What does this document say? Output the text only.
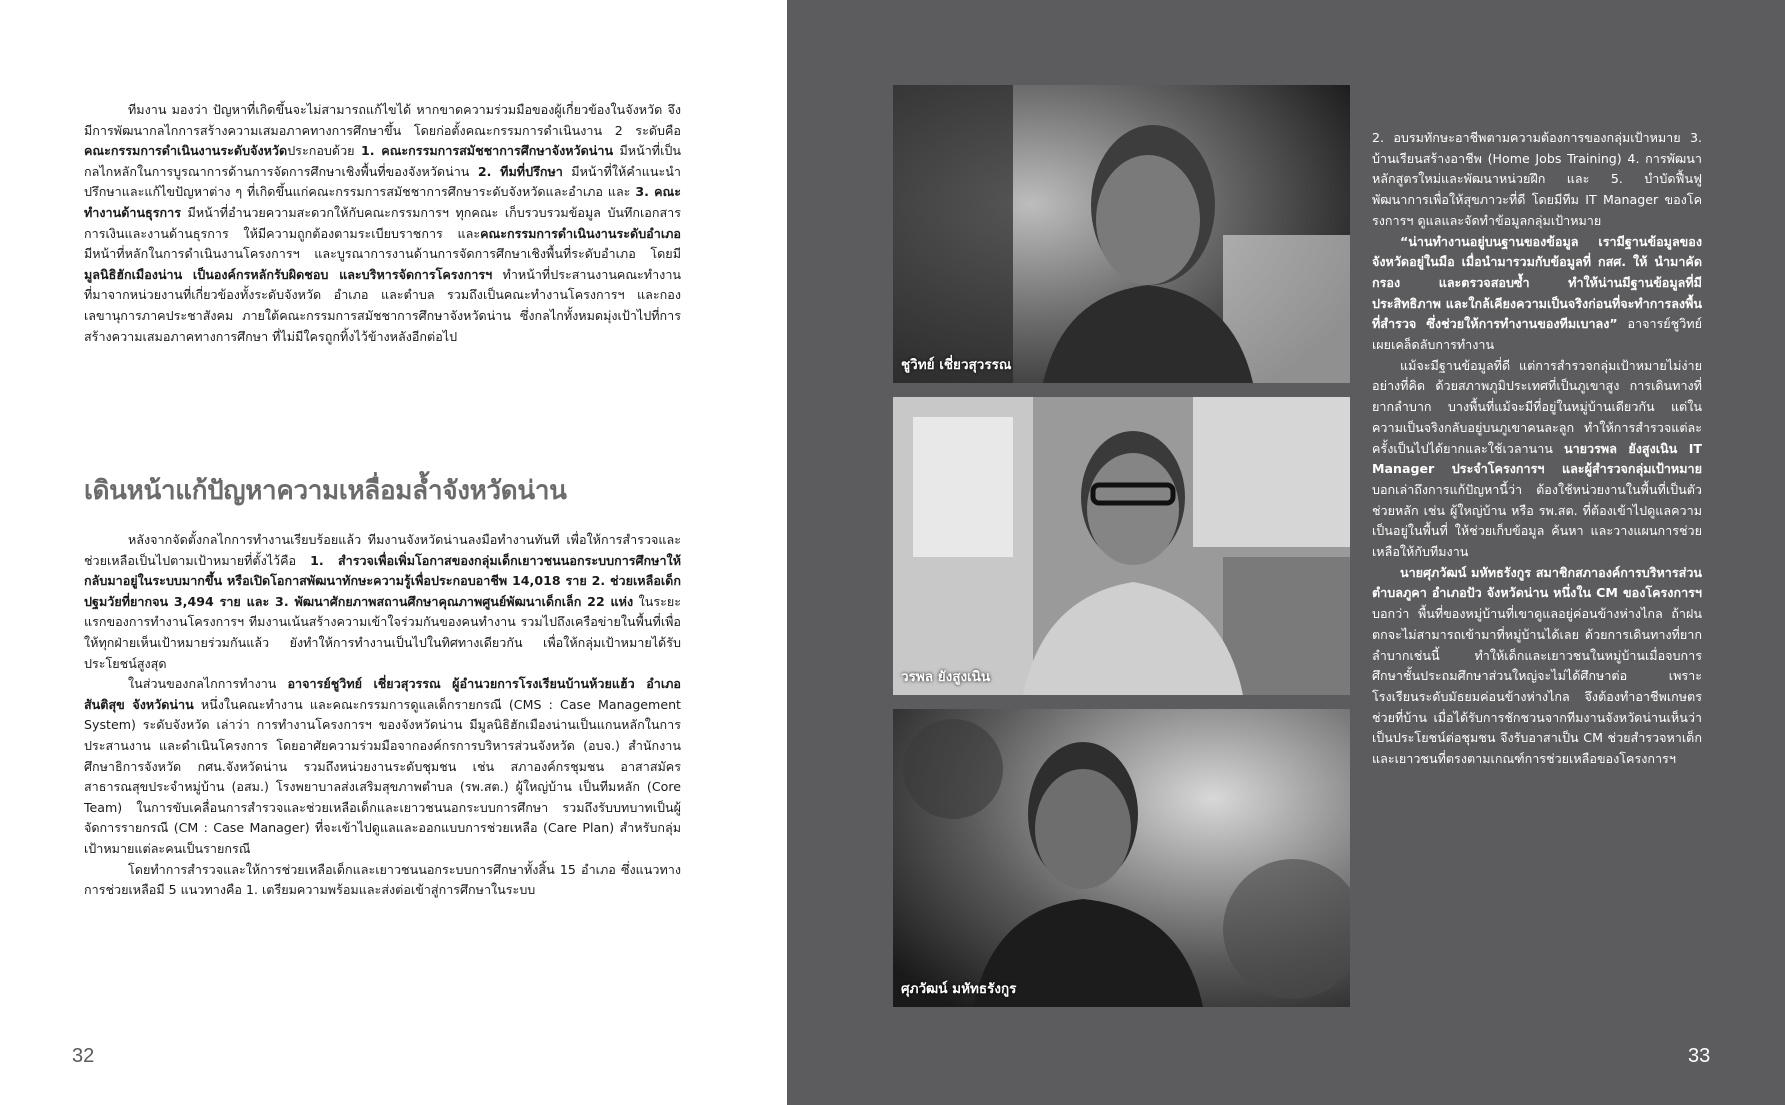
ทีมงาน มองว่า ปัญหาที่เกิดขึ้นจะไม่สามารถแก้ไขได้ หากขาดความร่วมมือของผู้เกี่ยวข้องในจังหวัด จึงมีการพัฒนากลไกการสร้างความเสมอภาคทางการศึกษาขึ้น โดยก่อตั้งคณะกรรมการดำเนินงาน 2 ระดับคือ คณะกรรมการดำเนินงานระดับจังหวัดประกอบด้วย 1. คณะกรรมการสมัชชาการศึกษาจังหวัดน่าน มีหน้าที่เป็นกลไกหลักในการบูรณาการด้านการจัดการศึกษาเชิงพื้นที่ของจังหวัดน่าน 2. ทีมที่ปรึกษา มีหน้าที่ให้คำแนะนำ ปรึกษาและแก้ไขปัญหาต่าง ๆ ที่เกิดขึ้นแก่คณะกรรมการสมัชชาการศึกษาระดับจังหวัดและอำเภอ และ 3. คณะทำงานด้านธุรการ มีหน้าที่อำนวยความสะดวกให้กับคณะกรรมการฯ ทุกคณะ เก็บรวบรวมข้อมูล บันทึกเอกสารการเงินและงานด้านธุรการ ให้มีความถูกต้องตามระเบียบราชการ และคณะกรรมการดำเนินงานระดับอำเภอ มีหน้าที่หลักในการดำเนินงานโครงการฯ และบูรณาการงานด้านการจัดการศึกษาเชิงพื้นที่ระดับอำเภอ โดยมี มูลนิธิฮักเมืองน่าน เป็นองค์กรหลักรับผิดชอบ และบริหารจัดการโครงการฯ ทำหน้าที่ประสานงานคณะทำงานที่มาจากหน่วยงานที่เกี่ยวข้องทั้งระดับจังหวัด อำเภอ และตำบล รวมถึงเป็นคณะทำงานโครงการฯ และกองเลขานุการภาคประชาสังคม ภายใต้คณะกรรมการสมัชชาการศึกษาจังหวัดน่าน ซึ่งกลไกทั้งหมดมุ่งเป้าไปที่การสร้างความเสมอภาคทางการศึกษา ที่ไม่มีใครถูกทิ้งไว้ข้างหลังอีกต่อไป

เดินหน้าแก้ปัญหาความเหลื่อมล้ำจังหวัดน่าน

หลังจากจัดตั้งกลไกการทำงานเรียบร้อยแล้ว ทีมงานจังหวัดน่านลงมือทำงานทันที เพื่อให้การสำรวจและช่วยเหลือเป็นไปตามเป้าหมายที่ตั้งไว้คือ 1. สำรวจเพื่อเพิ่มโอกาสของกลุ่มเด็กเยาวชนนอกระบบการศึกษาให้กลับมาอยู่ในระบบมากขึ้น หรือเปิดโอกาสพัฒนาทักษะความรู้เพื่อประกอบอาชีพ 14,018 ราย 2. ช่วยเหลือเด็กปฐมวัยที่ยากจน 3,494 ราย และ 3. พัฒนาศักยภาพสถานศึกษาคุณภาพศูนย์พัฒนาเด็กเล็ก 22 แห่ง ในระยะแรกของการทำงานโครงการฯ ทีมงานเน้นสร้างความเข้าใจร่วมกันของคนทำงาน รวมไปถึงเครือข่ายในพื้นที่เพื่อให้ทุกฝ่ายเห็นเป้าหมายร่วมกันแล้ว ยังทำให้การทำงานเป็นไปในทิศทางเดียวกัน เพื่อให้กลุ่มเป้าหมายได้รับประโยชน์สูงสุด

ในส่วนของกลไกการทำงาน อาจารย์ชูวิทย์ เชี่ยวสุวรรณ ผู้อำนวยการโรงเรียนบ้านห้วยแฮ้ว อำเภอสันติสุข จังหวัดน่าน หนึ่งในคณะทำงาน และคณะกรรมการดูแลเด็กรายกรณี (CMS : Case Management System) ระดับจังหวัด เล่าว่า การทำงานโครงการฯ ของจังหวัดน่าน มีมูลนิธิฮักเมืองน่านเป็นแกนหลักในการประสานงาน และดำเนินโครงการ โดยอาศัยความร่วมมือจากองค์กรการบริหารส่วนจังหวัด (อบจ.) สำนักงานศึกษาธิการจังหวัด กศน.จังหวัดน่าน รวมถึงหน่วยงานระดับชุมชน เช่น สภาองค์กรชุมชน อาสาสมัครสาธารณสุขประจำหมู่บ้าน (อสม.) โรงพยาบาลส่งเสริมสุขภาพตำบล (รพ.สต.) ผู้ใหญ่บ้าน เป็นทีมหลัก (Core Team) ในการขับเคลื่อนการสำรวจและช่วยเหลือเด็กและเยาวชนนอกระบบการศึกษา รวมถึงรับบทบาทเป็นผู้จัดการรายกรณี (CM : Case Manager) ที่จะเข้าไปดูแลและออกแบบการช่วยเหลือ (Care Plan) สำหรับกลุ่มเป้าหมายแต่ละคนเป็นรายกรณี

โดยทำการสำรวจและให้การช่วยเหลือเด็กและเยาวชนนอกระบบการศึกษาทั้งสิ้น 15 อำเภอ ซึ่งแนวทางการช่วยเหลือมี 5 แนวทางคือ 1. เตรียมความพร้อมและส่งต่อเข้าสู่การศึกษาในระบบ

32

2. อบรมทักษะอาชีพตามความต้องการของกลุ่มเป้าหมาย 3. บ้านเรียนสร้างอาชีพ (Home Jobs Training) 4. การพัฒนาหลักสูตรใหม่และพัฒนาหน่วยฝึก และ 5. บำบัดฟื้นฟูพัฒนาการเพื่อให้สุขภาวะที่ดี โดยมีทีม IT Manager ของโครงการฯ ดูแลและจัดทำข้อมูลกลุ่มเป้าหมาย

“น่านทำงานอยู่บนฐานของข้อมูล เรามีฐานข้อมูลของจังหวัดอยู่ในมือ เมื่อนำมารวมกับข้อมูลที่ กสศ. ให้ นำมาคัดกรอง และตรวจสอบซ้ำ ทำให้น่านมีฐานข้อมูลที่มีประสิทธิภาพ และใกล้เคียงความเป็นจริงก่อนที่จะทำการลงพื้นที่สำรวจ ซึ่งช่วยให้การทำงานของทีมเบาลง” อาจารย์ชูวิทย์ เผยเคล็ดลับการทำงาน

แม้จะมีฐานข้อมูลที่ดี แต่การสำรวจกลุ่มเป้าหมายไม่ง่ายอย่างที่คิด ด้วยสภาพภูมิประเทศที่เป็นภูเขาสูง การเดินทางที่ยากลำบาก บางพื้นที่แม้จะมีที่อยู่ในหมู่บ้านเดียวกัน แต่ในความเป็นจริงกลับอยู่บนภูเขาคนละลูก ทำให้การสำรวจแต่ละครั้งเป็นไปได้ยากและใช้เวลานาน นายวรพล ยังสูงเนิน IT Manager ประจำโครงการฯ และผู้สำรวจกลุ่มเป้าหมาย บอกเล่าถึงการแก้ปัญหานี้ว่า ต้องใช้หน่วยงานในพื้นที่เป็นตัวช่วยหลัก เช่น ผู้ใหญ่บ้าน หรือ รพ.สต. ที่ต้องเข้าไปดูแลความเป็นอยู่ในพื้นที่ ให้ช่วยเก็บข้อมูล ค้นหา และวางแผนการช่วยเหลือให้กับทีมงาน

นายศุภวัฒน์ มหัทธรังกูร สมาชิกสภาองค์การบริหารส่วนตำบลภูคา อำเภอปัว จังหวัดน่าน หนึ่งใน CM ของโครงการฯ บอกว่า พื้นที่ของหมู่บ้านที่เขาดูแลอยู่ค่อนข้างห่างไกล ถ้าฝนตกจะไม่สามารถเข้ามาที่หมู่บ้านได้เลย ด้วยการเดินทางที่ยากลำบากเช่นนี้ ทำให้เด็กและเยาวชนในหมู่บ้านเมื่อจบการศึกษาชั้นประถมศึกษาส่วนใหญ่จะไม่ได้ศึกษาต่อ เพราะโรงเรียนระดับมัธยมค่อนข้างห่างไกล จึงต้องทำอาชีพเกษตรช่วยที่บ้าน เมื่อได้รับการชักชวนจากทีมงานจังหวัดน่านเห็นว่าเป็นประโยชน์ต่อชุมชน จึงรับอาสาเป็น CM ช่วยสำรวจหาเด็กและเยาวชนที่ตรงตามเกณฑ์การช่วยเหลือของโครงการฯ

33
ชูวิทย์ เชี่ยวสุวรรณ
วรพล ยังสูงเนิน
ศุภวัฒน์ มหัทธรังกูร
